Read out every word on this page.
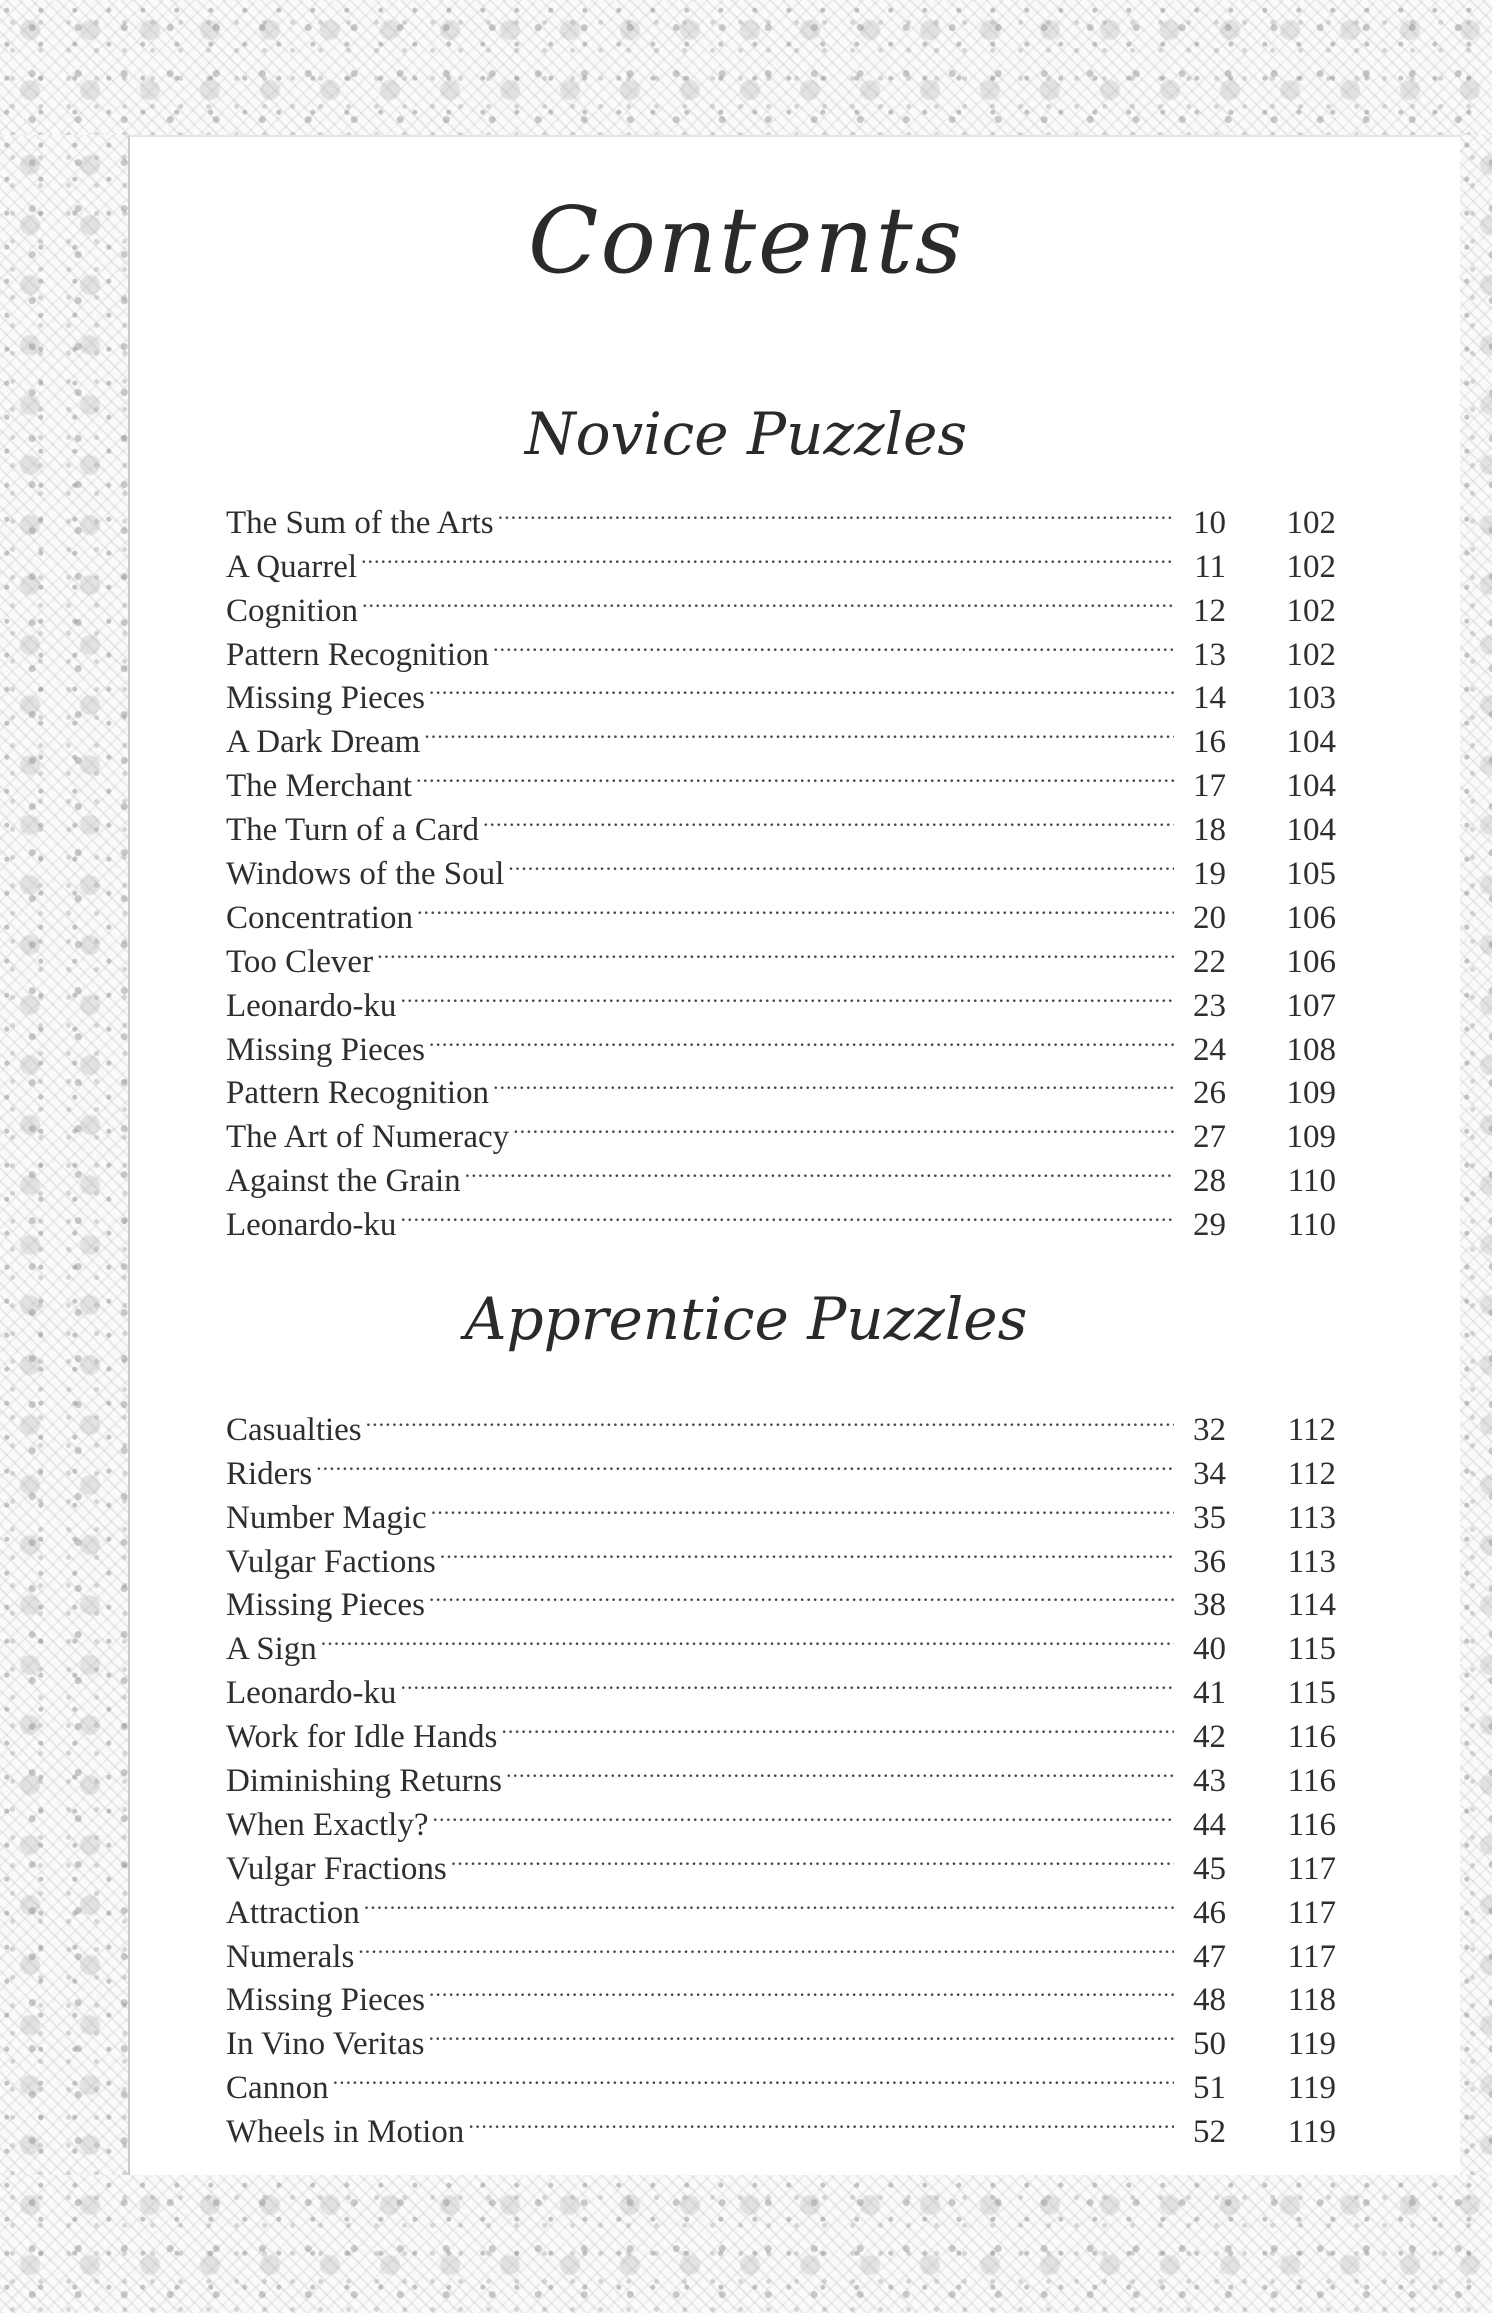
Contents
Novice Puzzles
The Sum of the Arts .....	10	102
A Quarrel .....	11	102
Cognition .....	12	102
Pattern Recognition .....	13	102
Missing Pieces .....	14	103
A Dark Dream .....	16	104
The Merchant .....	17	104
The Turn of a Card .....	18	104
Windows of the Soul .....	19	105
Concentration .....	20	106
Too Clever .....	22	106
Leonardo-ku .....	23	107
Missing Pieces .....	24	108
Pattern Recognition .....	26	109
The Art of Numeracy .....	27	109
Against the Grain .....	28	110
Leonardo-ku .....	29	110
Apprentice Puzzles
Casualties .....	32	112
Riders .....	34	112
Number Magic .....	35	113
Vulgar Factions .....	36	113
Missing Pieces .....	38	114
A Sign .....	40	115
Leonardo-ku .....	41	115
Work for Idle Hands .....	42	116
Diminishing Returns .....	43	116
When Exactly? .....	44	116
Vulgar Fractions .....	45	117
Attraction .....	46	117
Numerals .....	47	117
Missing Pieces .....	48	118
In Vino Veritas .....	50	119
Cannon .....	51	119
Wheels in Motion .....	52	119
